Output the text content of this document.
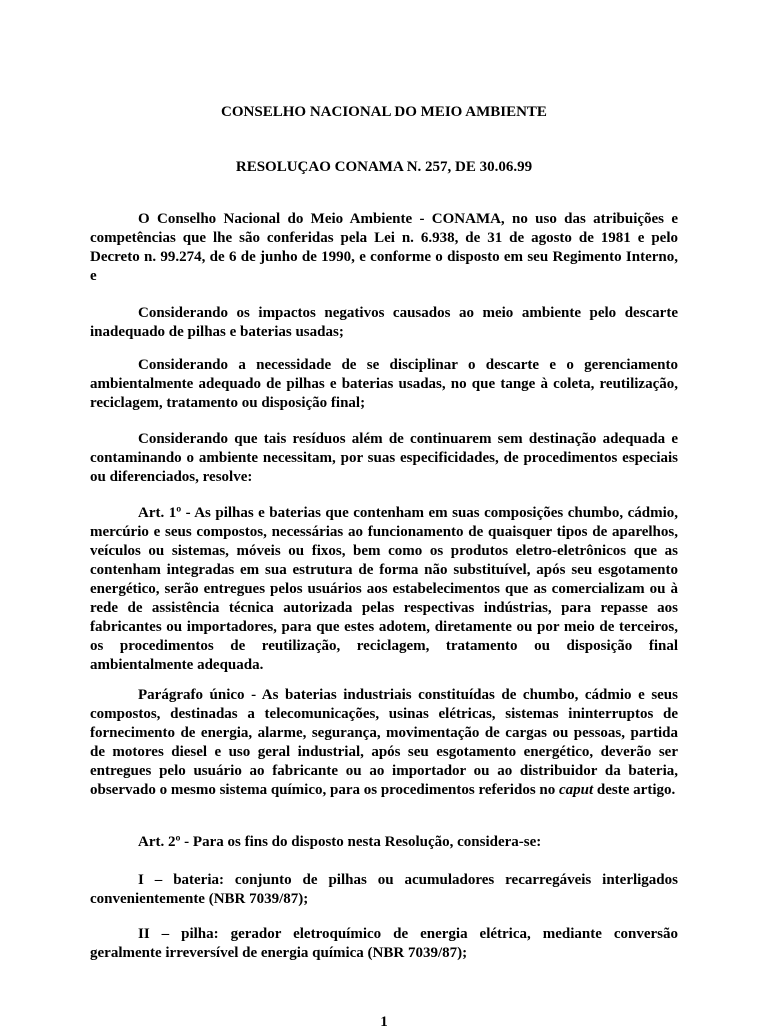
CONSELHO NACIONAL DO MEIO AMBIENTE
RESOLUÇAO CONAMA N. 257, DE 30.06.99

O Conselho Nacional do Meio Ambiente - CONAMA, no uso das atribuições e competências que lhe são conferidas pela Lei n. 6.938, de 31 de agosto de 1981 e pelo Decreto n. 99.274, de 6 de junho de 1990, e conforme o disposto em seu Regimento Interno, e

Considerando os impactos negativos causados ao meio ambiente pelo descarte inadequado de pilhas e baterias usadas;

Considerando a necessidade de se disciplinar o descarte e o gerenciamento ambientalmente adequado de pilhas e baterias usadas, no que tange à coleta, reutilização, reciclagem, tratamento ou disposição final;

Considerando que tais resíduos além de continuarem sem destinação adequada e contaminando o ambiente necessitam, por suas especificidades, de procedimentos especiais ou diferenciados, resolve:

Art. 1º - As pilhas e baterias que contenham em suas composições chumbo, cádmio, mercúrio e seus compostos, necessárias ao funcionamento de quaisquer tipos de aparelhos, veículos ou sistemas, móveis ou fixos, bem como os produtos eletro-eletrônicos que as contenham integradas em sua estrutura de forma não substituível, após seu esgotamento energético, serão entregues pelos usuários aos estabelecimentos que as comercializam ou à rede de assistência técnica autorizada pelas respectivas indústrias, para repasse aos fabricantes ou importadores, para que estes adotem, diretamente ou por meio de terceiros, os procedimentos de reutilização, reciclagem, tratamento ou disposição final ambientalmente adequada.

Parágrafo único - As baterias industriais constituídas de chumbo, cádmio e seus compostos, destinadas a telecomunicações, usinas elétricas, sistemas ininterruptos de fornecimento de energia, alarme, segurança, movimentação de cargas ou pessoas, partida de motores diesel e uso geral industrial, após seu esgotamento energético, deverão ser entregues pelo usuário ao fabricante ou ao importador ou ao distribuidor da bateria, observado o mesmo sistema químico, para os procedimentos referidos no caput deste artigo.

Art. 2º - Para os fins do disposto nesta Resolução, considera-se:

I – bateria: conjunto de pilhas ou acumuladores recarregáveis interligados convenientemente (NBR 7039/87);

II – pilha: gerador eletroquímico de energia elétrica, mediante conversão geralmente irreversível de energia química (NBR 7039/87);

1
